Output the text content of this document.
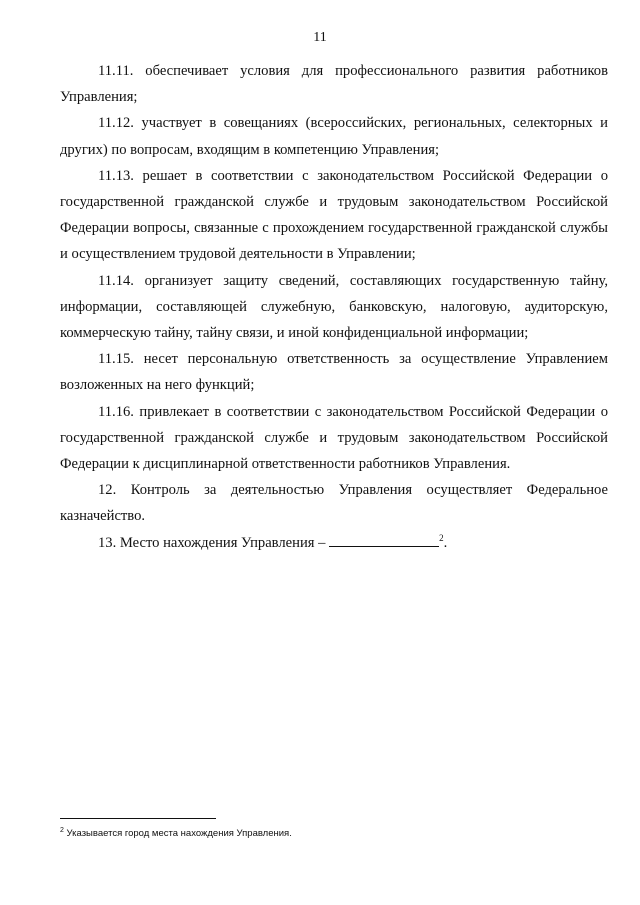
11

11.11. обеспечивает условия для профессионального развития работников Управления;

11.12. участвует в совещаниях (всероссийских, региональных, селекторных и других) по вопросам, входящим в компетенцию Управления;

11.13. решает в соответствии с законодательством Российской Федерации о государственной гражданской службе и трудовым законодательством Российской Федерации вопросы, связанные с прохождением государственной гражданской службы и осуществлением трудовой деятельности в Управлении;

11.14. организует защиту сведений, составляющих государственную тайну, информации, составляющей служебную, банковскую, налоговую, аудиторскую, коммерческую тайну, тайну связи, и иной конфиденциальной информации;

11.15. несет персональную ответственность за осуществление Управлением возложенных на него функций;

11.16. привлекает в соответствии с законодательством Российской Федерации о государственной гражданской службе и трудовым законодательством Российской Федерации к дисциплинарной ответственности работников Управления.

12. Контроль за деятельностью Управления осуществляет Федеральное казначейство.

13. Место нахождения Управления –	$^2$.

$^2$ Указывается город места нахождения Управления.
